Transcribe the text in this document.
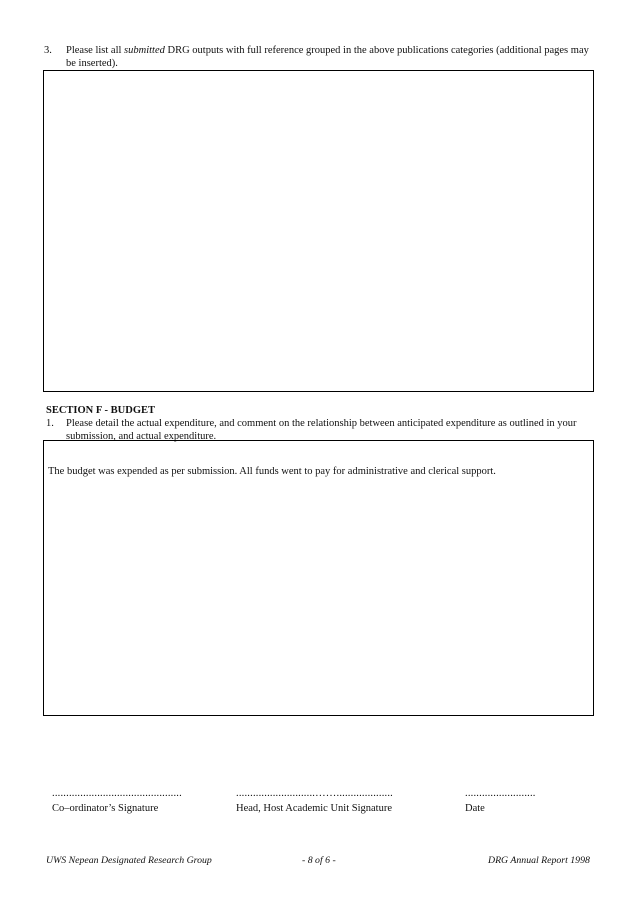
3. Please list all submitted DRG outputs with full reference grouped in the above publications categories (additional pages may be inserted).
SECTION F - BUDGET
1. Please detail the actual expenditure, and comment on the relationship between anticipated expenditure as outlined in your submission, and actual expenditure.
The budget was expended as per submission. All funds went to pay for administrative and clerical support.
..............................................
Co–ordinator’s Signature
............................……....................
Head, Host Academic Unit Signature
.........................
Date
UWS Nepean Designated Research Group	- 8 of 6 -	DRG Annual Report 1998
